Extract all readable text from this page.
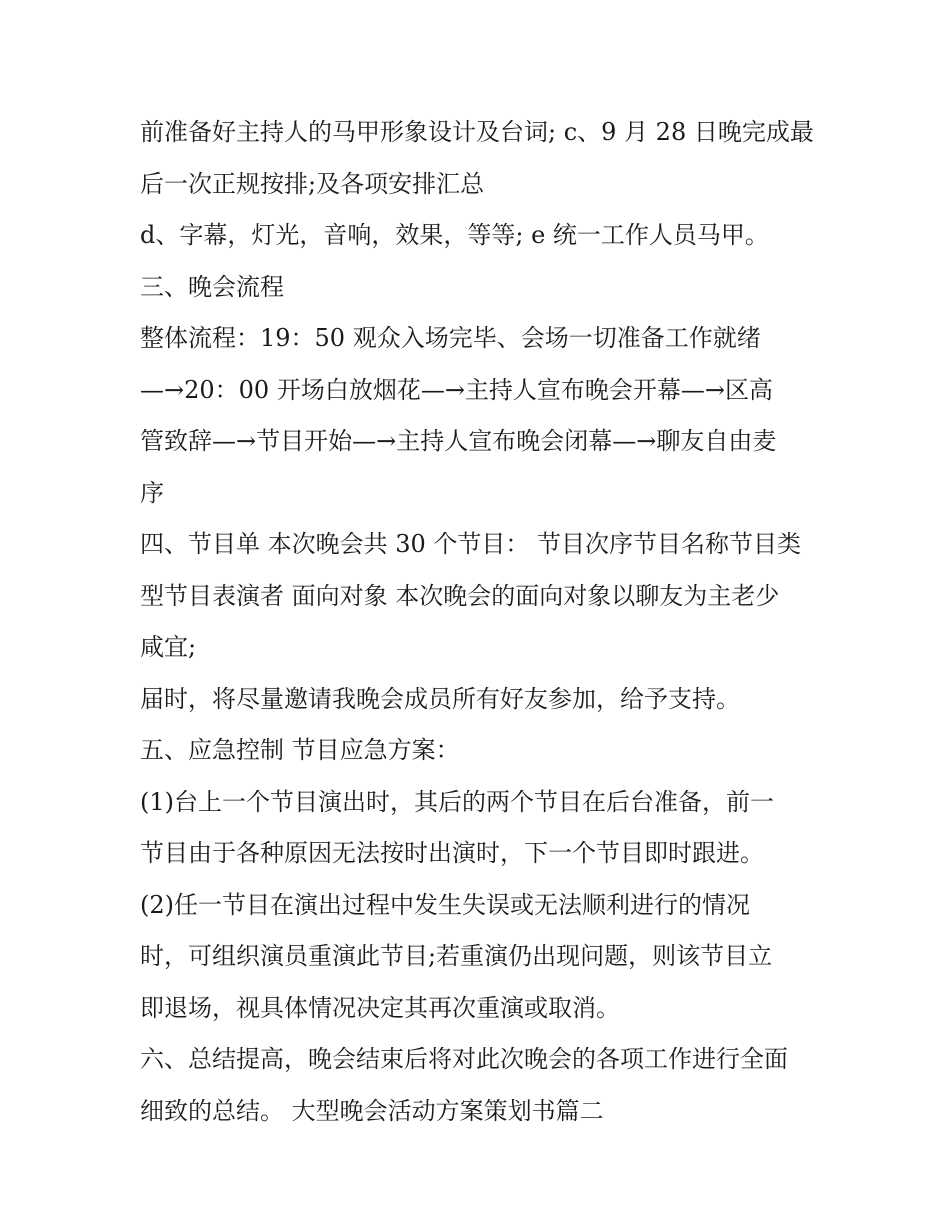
前准备好主持人的马甲形象设计及台词; c、9 月 28 日晚完成最
后一次正规按排;及各项安排汇总
d、字幕，灯光，音响，效果，等等; e 统一工作人员马甲。
三、晚会流程
整体流程：19：50 观众入场完毕、会场一切准备工作就绪
—→20：00 开场白放烟花—→主持人宣布晚会开幕—→区高
管致辞—→节目开始—→主持人宣布晚会闭幕—→聊友自由麦
序
四、节目单 本次晚会共 30 个节目： 节目次序节目名称节目类
型节目表演者 面向对象 本次晚会的面向对象以聊友为主老少
咸宜;
届时，将尽量邀请我晚会成员所有好友参加，给予支持。
五、应急控制 节目应急方案：
(1)台上一个节目演出时，其后的两个节目在后台准备，前一
节目由于各种原因无法按时出演时，下一个节目即时跟进。
(2)任一节目在演出过程中发生失误或无法顺利进行的情况
时，可组织演员重演此节目;若重演仍出现问题，则该节目立
即退场，视具体情况决定其再次重演或取消。
六、总结提高，晚会结束后将对此次晚会的各项工作进行全面
细致的总结。 大型晚会活动方案策划书篇二
